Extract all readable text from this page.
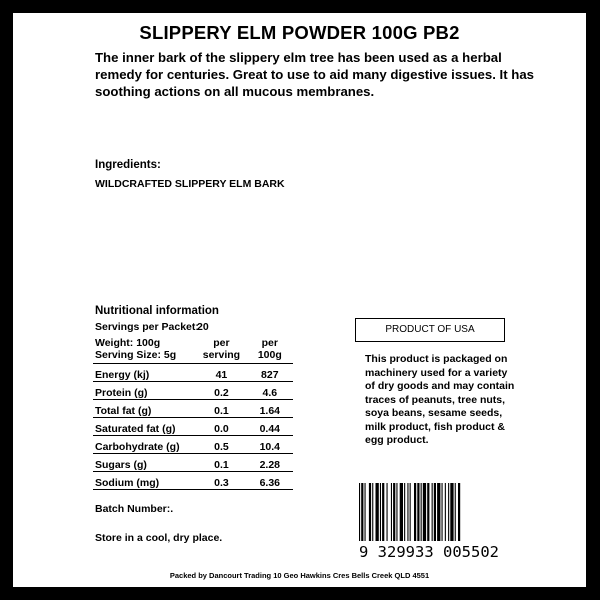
SLIPPERY ELM POWDER 100G PB2
The inner bark of the slippery elm tree has been used as a herbal remedy for centuries. Great to use to aid many digestive issues. It has soothing actions on all mucous membranes.
Ingredients:
WILDCRAFTED SLIPPERY ELM BARK
Nutritional information
Servings per Packet:
20
Weight: 100g
Serving Size: 5g	per serving	per 100g
Energy (kj)	41	827
Protein (g)	0.2	4.6
Total fat (g)	0.1	1.64
Saturated fat (g)	0.0	0.44
Carbohydrate (g)	0.5	10.4
Sugars (g)	0.1	2.28
Sodium (mg)	0.3	6.36
Batch Number:.
Store in a cool, dry place.
PRODUCT OF USA
This product is packaged on machinery used for a variety of dry goods and may contain traces of peanuts, tree nuts, soya beans, sesame seeds, milk product, fish product & egg product.
9 329933 005502
Packed by Dancourt Trading 10 Geo Hawkins Cres Bells Creek QLD 4551
